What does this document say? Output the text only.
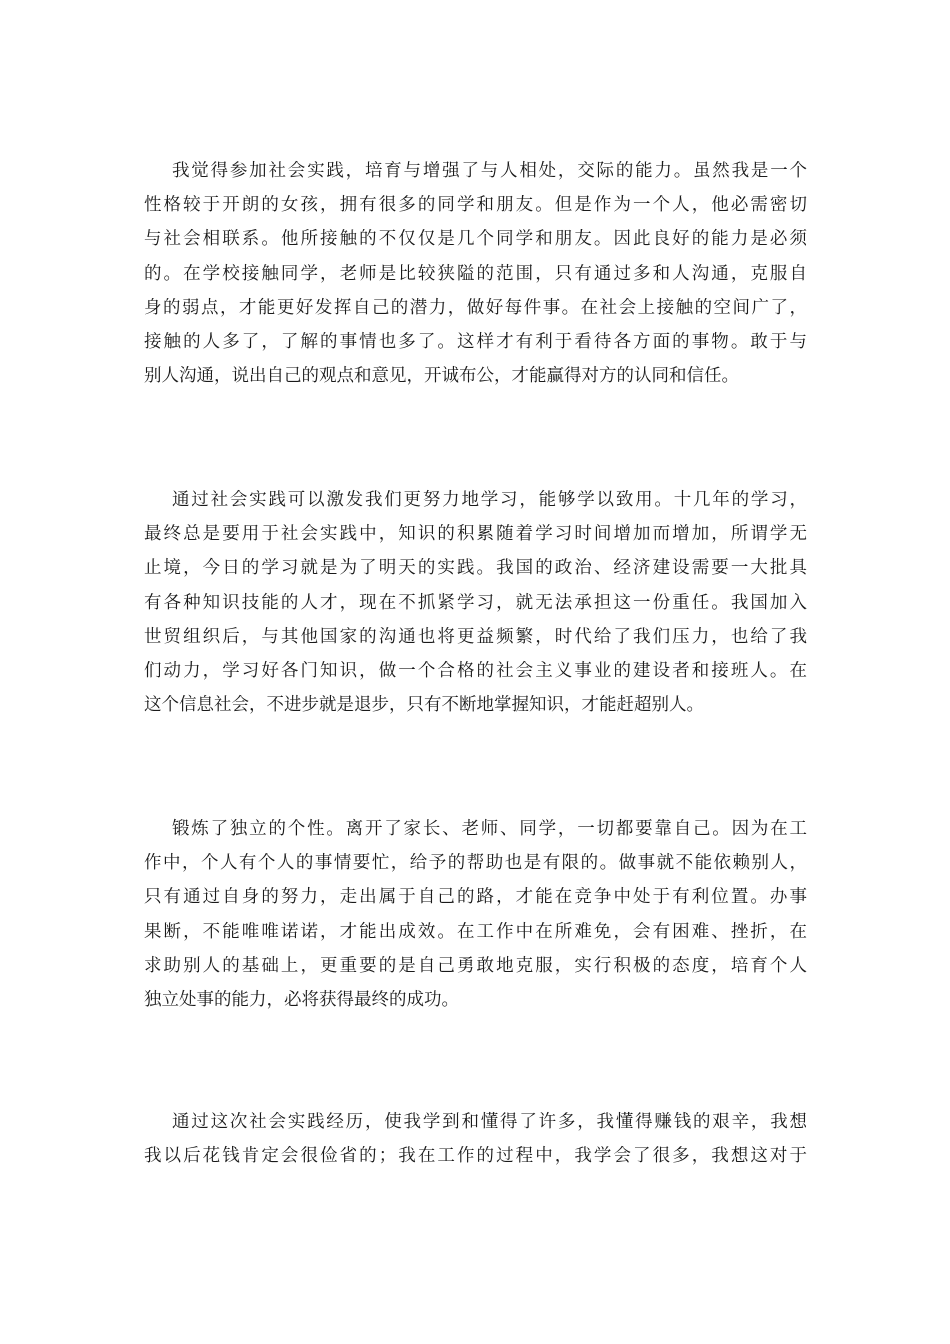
我觉得参加社会实践，培育与增强了与人相处，交际的能力。虽然我是一个
性格较于开朗的女孩，拥有很多的同学和朋友。但是作为一个人，他必需密切
与社会相联系。他所接触的不仅仅是几个同学和朋友。因此良好的能力是必须
的。在学校接触同学，老师是比较狭隘的范围，只有通过多和人沟通，克服自
身的弱点，才能更好发挥自己的潜力，做好每件事。在社会上接触的空间广了，
接触的人多了，了解的事情也多了。这样才有利于看待各方面的事物。敢于与
别人沟通，说出自己的观点和意见，开诚布公，才能赢得对方的认同和信任。
通过社会实践可以激发我们更努力地学习，能够学以致用。十几年的学习，
最终总是要用于社会实践中，知识的积累随着学习时间增加而增加，所谓学无
止境，今日的学习就是为了明天的实践。我国的政治、经济建设需要一大批具
有各种知识技能的人才，现在不抓紧学习，就无法承担这一份重任。我国加入
世贸组织后，与其他国家的沟通也将更益频繁，时代给了我们压力，也给了我
们动力，学习好各门知识，做一个合格的社会主义事业的建设者和接班人。在
这个信息社会，不进步就是退步，只有不断地掌握知识，才能赶超别人。
锻炼了独立的个性。离开了家长、老师、同学，一切都要靠自己。因为在工
作中，个人有个人的事情要忙，给予的帮助也是有限的。做事就不能依赖别人，
只有通过自身的努力，走出属于自己的路，才能在竞争中处于有利位置。办事
果断，不能唯唯诺诺，才能出成效。在工作中在所难免，会有困难、挫折，在
求助别人的基础上，更重要的是自己勇敢地克服，实行积极的态度，培育个人
独立处事的能力，必将获得最终的成功。
通过这次社会实践经历，使我学到和懂得了许多，我懂得赚钱的艰辛，我想
我以后花钱肯定会很俭省的；我在工作的过程中，我学会了很多，我想这对于
